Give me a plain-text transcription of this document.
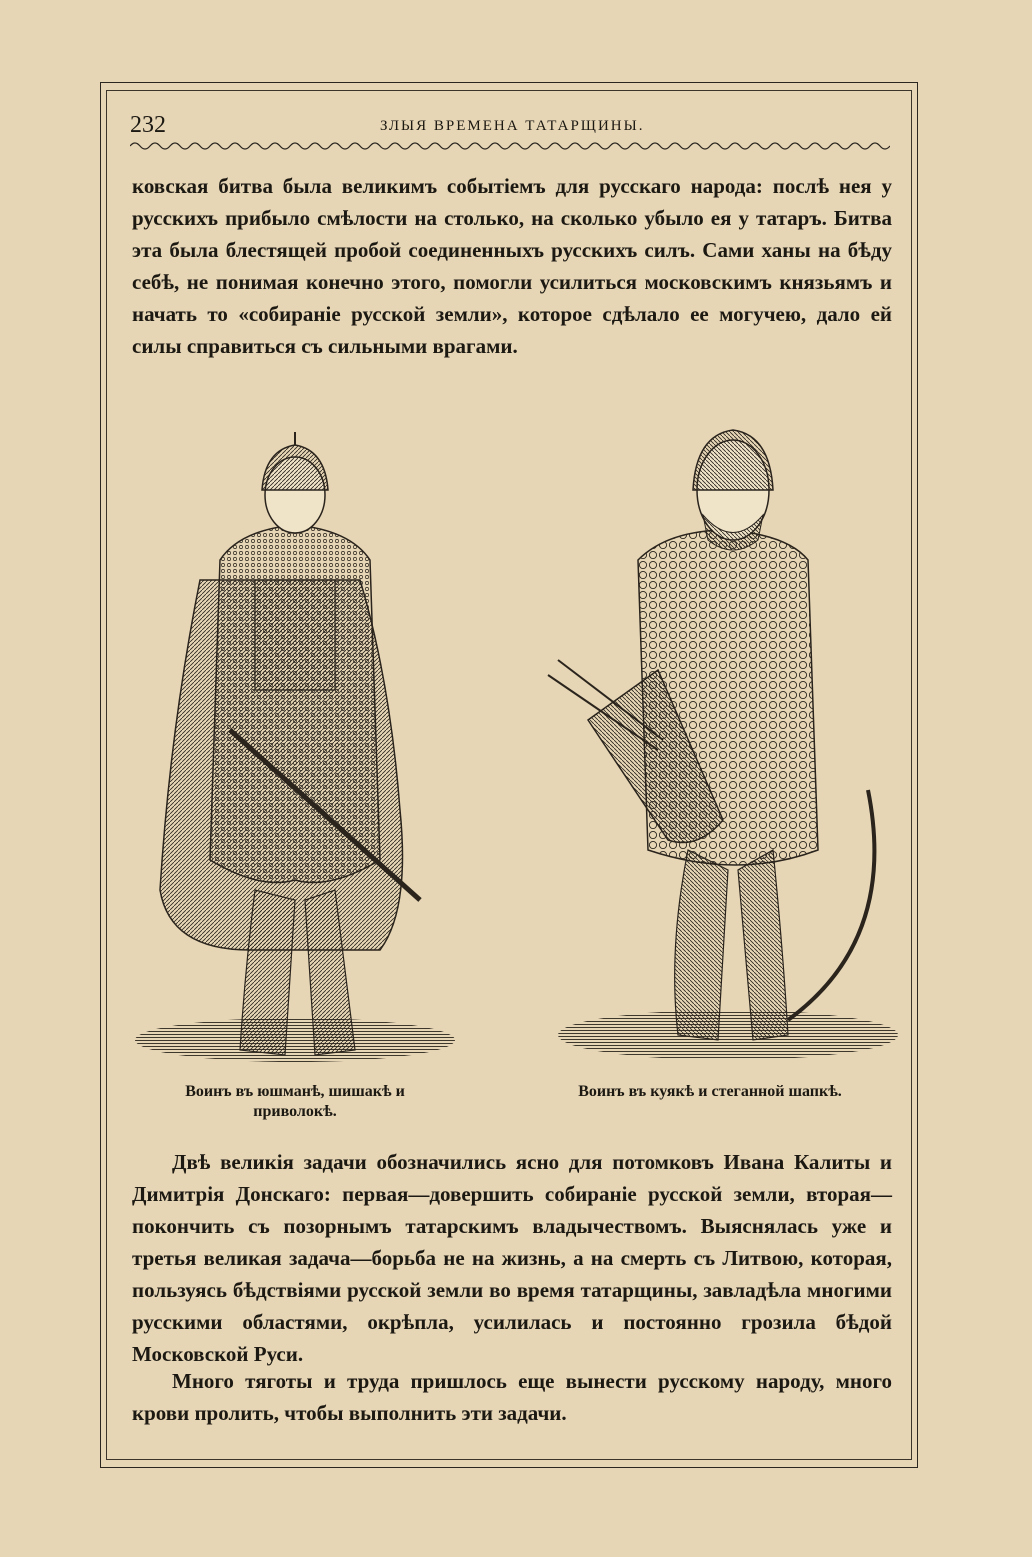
232	ЗЛЫЯ ВРЕМЕНА ТАТАРЩИНЫ.
ковская битва была великимъ событіемъ для русскаго народа: послѣ нея у русскихъ прибыло смѣлости на столько, на сколько убыло ея у татаръ. Битва эта была блестящей пробой соединенныхъ русскихъ силъ. Сами ханы на бѣду себѣ, не понимая конечно этого, помогли усилиться московскимъ князьямъ и начать то «собираніе русской земли», которое сдѣлало ее могучею, дало ей силы справиться съ сильными врагами.
Воинъ въ юшманѣ, шишакѣ и приволокѣ.
Воинъ въ куякѣ и стеганной шапкѣ.
Двѣ великія задачи обозначились ясно для потомковъ Ивана Калиты и Димитрія Донскаго: первая—довершить собираніе русской земли, вторая—покончить съ позорнымъ татарскимъ владычествомъ. Выяснялась уже и третья великая задача—борьба не на жизнь, а на смерть съ Литвою, которая, пользуясь бѣдствіями русской земли во время татарщины, завладѣла многими русскими областями, окрѣпла, усилилась и постоянно грозила бѣдой Московской Руси.
Много тяготы и труда пришлось еще вынести русскому народу, много крови пролить, чтобы выполнить эти задачи.
